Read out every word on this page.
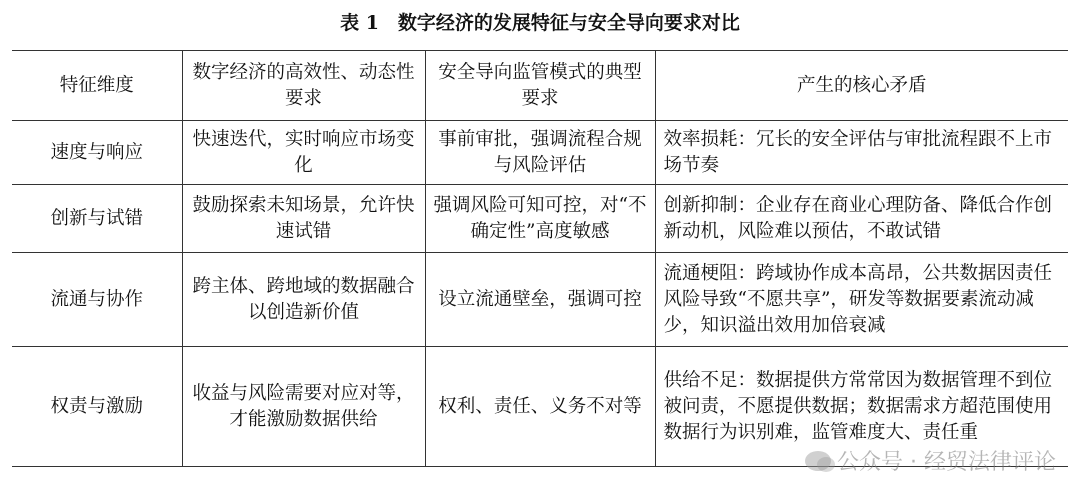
表 1　数字经济的发展特征与安全导向要求对比
特征维度	数字经济的高效性、动态性要求	安全导向监管模式的典型要求	产生的核心矛盾
速度与响应	快速迭代，实时响应市场变化	事前审批，强调流程合规与风险评估	效率损耗：冗长的安全评估与审批流程跟不上市场节奏
创新与试错	鼓励探索未知场景，允许快速试错	强调风险可知可控，对“不确定性”高度敏感	创新抑制：企业存在商业心理防备、降低合作创新动机，风险难以预估，不敢试错
流通与协作	跨主体、跨地域的数据融合以创造新价值	设立流通壁垒，强调可控	流通梗阻：跨域协作成本高昂，公共数据因责任风险导致“不愿共享”，研发等数据要素流动减少，知识溢出效用加倍衰减
权责与激励	收益与风险需要对应对等，才能激励数据供给	权利、责任、义务不对等	供给不足：数据提供方常常因为数据管理不到位被问责，不愿提供数据；数据需求方超范围使用数据行为识别难，监管难度大、责任重
公众号 · 经贸法律评论
